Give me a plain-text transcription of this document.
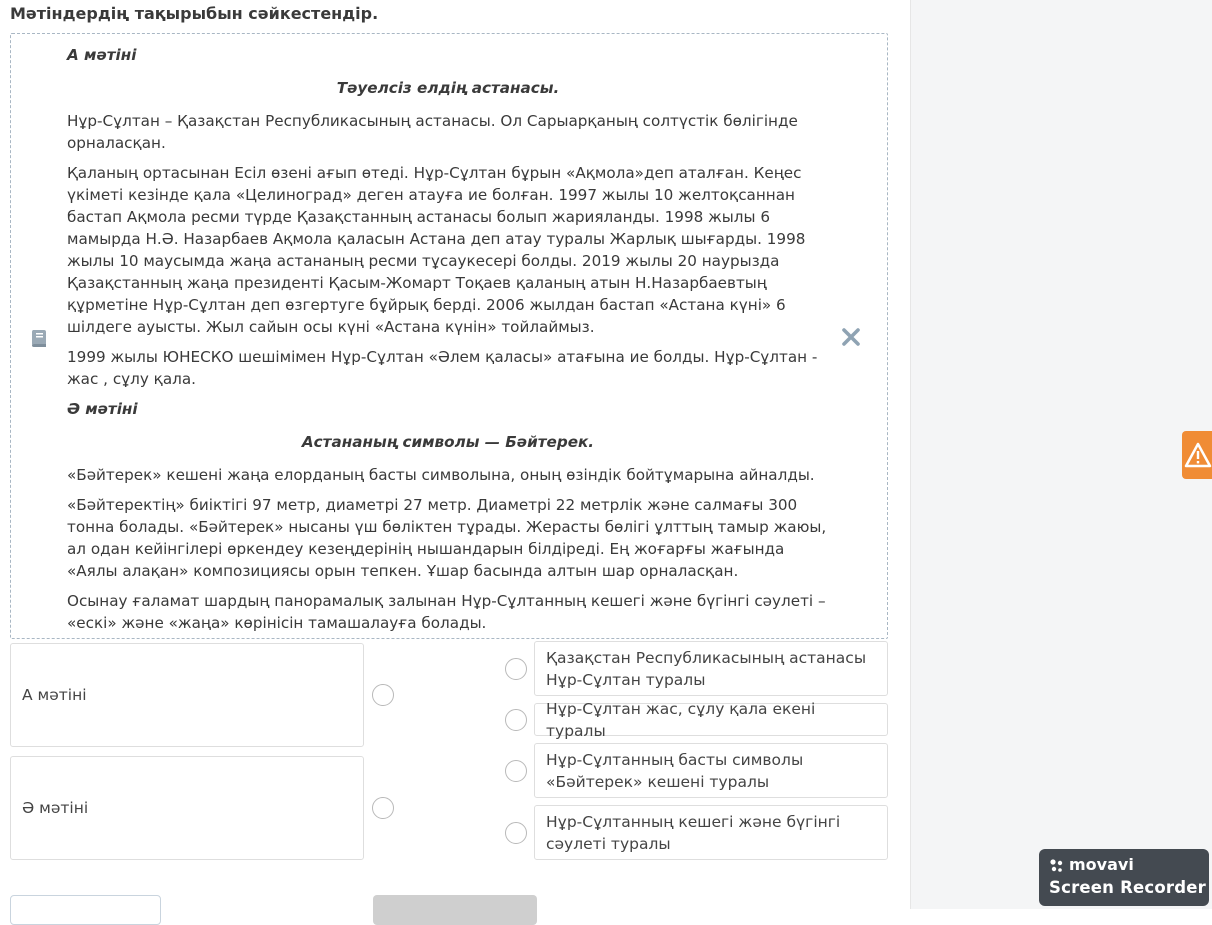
Мәтіндердің тақырыбын сәйкестендір.

А мәтіні

Тәуелсіз елдің астанасы.

Нұр-Сұлтан – Қазақстан Республикасының астанасы. Ол Сарыарқаның солтүстік бөлігінде орналасқан.

Қаланың ортасынан Есіл өзені ағып өтеді. Нұр-Сұлтан бұрын «Ақмола»деп аталған. Кеңес үкіметі кезінде қала «Целиноград» деген атауға ие болған. 1997 жылы 10 желтоқсаннан бастап Ақмола ресми түрде Қазақстанның астанасы болып жарияланды. 1998 жылы 6 мамырда Н.Ә. Назарбаев Ақмола қаласын Астана деп атау туралы Жарлық шығарды. 1998 жылы 10 маусымда жаңа астананың ресми тұсаукесері болды. 2019 жылы 20 наурызда Қазақстанның жаңа президенті Қасым-Жомарт Тоқаев қаланың атын Н.Назарбаевтың құрметіне Нұр-Сұлтан деп өзгертуге бұйрық берді. 2006 жылдан бастап «Астана күні» 6 шілдеге ауысты. Жыл сайын осы күні «Астана күнін» тойлаймыз.

1999 жылы ЮНЕСКО шешімімен Нұр-Сұлтан «Әлем қаласы» атағына ие болды. Нұр-Сұлтан - жас , сұлу қала.

Ә мәтіні

Астананың символы — Бәйтерек.

«Бәйтерек» кешені жаңа елорданың басты символына, оның өзіндік бойтұмарына айналды.

«Бәйтеректің» биіктігі 97 метр, диаметрі 27 метр. Диаметрі 22 метрлік және салмағы 300 тонна болады. «Бәйтерек» нысаны үш бөліктен тұрады. Жерасты бөлігі ұлттың тамыр жаюы, ал одан кейінгілері өркендеу кезеңдерінің нышандарын білдіреді. Ең жоғарғы жағында «Аялы алақан» композициясы орын тепкен. Ұшар басында алтын шар орналасқан.

Осынау ғаламат шардың панорамалық залынан Нұр-Сұлтанның кешегі және бүгінгі сәулеті – «ескі» және «жаңа» көрінісін тамашалауға болады.

А мәтіні
Ә мәтіні
Қазақстан Республикасының астанасы Нұр-Сұлтан туралы
Нұр-Сұлтан жас, сұлу қала екені туралы
Нұр-Сұлтанның басты символы «Бәйтерек» кешені туралы
Нұр-Сұлтанның кешегі және бүгінгі сәулеті туралы
movavi
Screen Recorder
